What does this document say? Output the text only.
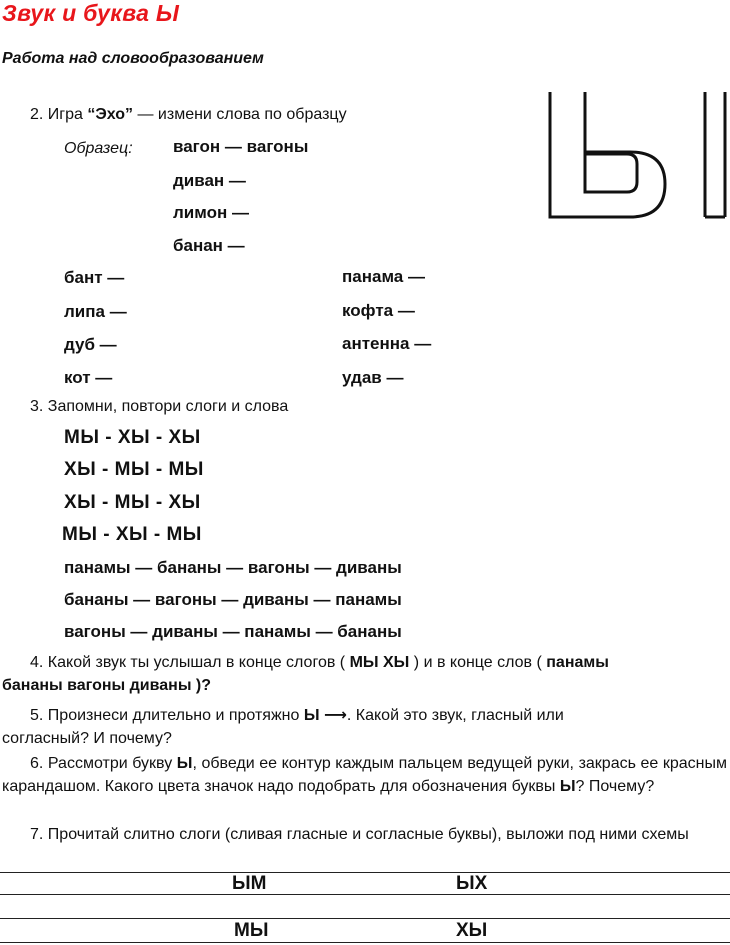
Звук и буква Ы
Работа над словообразованием
2. Игра “Эхо” — измени слова по образцу
Образец: вагон — вагоны
диван —
лимон —
банан —
бант —
липа —
дуб —
кот —
панама —
кофта —
антенна —
удав —
3. Запомни, повтори слоги и слова
МЫ - ХЫ - ХЫ
ХЫ - МЫ - МЫ
ХЫ - МЫ - ХЫ
МЫ - ХЫ - МЫ
панамы — бананы — вагоны — диваны
бананы — вагоны — диваны — панамы
вагоны — диваны — панамы — бананы
4. Какой звук ты услышал в конце слогов ( МЫ ХЫ ) и в конце слов ( панамы
бананы вагоны диваны )?
5. Произнеси длительно и протяжно Ы ⟶. Какой это звук, гласный или
согласный? И почему?
6. Рассмотри букву Ы, обведи ее контур каждым пальцем ведущей руки, закрась ее красным карандашом. Какого цвета значок надо подобрать для обозначения буквы Ы? Почему?
7. Прочитай слитно слоги (сливая гласные и согласные буквы), выложи под ними схемы
ЫМ	ЫХ
МЫ	ХЫ
